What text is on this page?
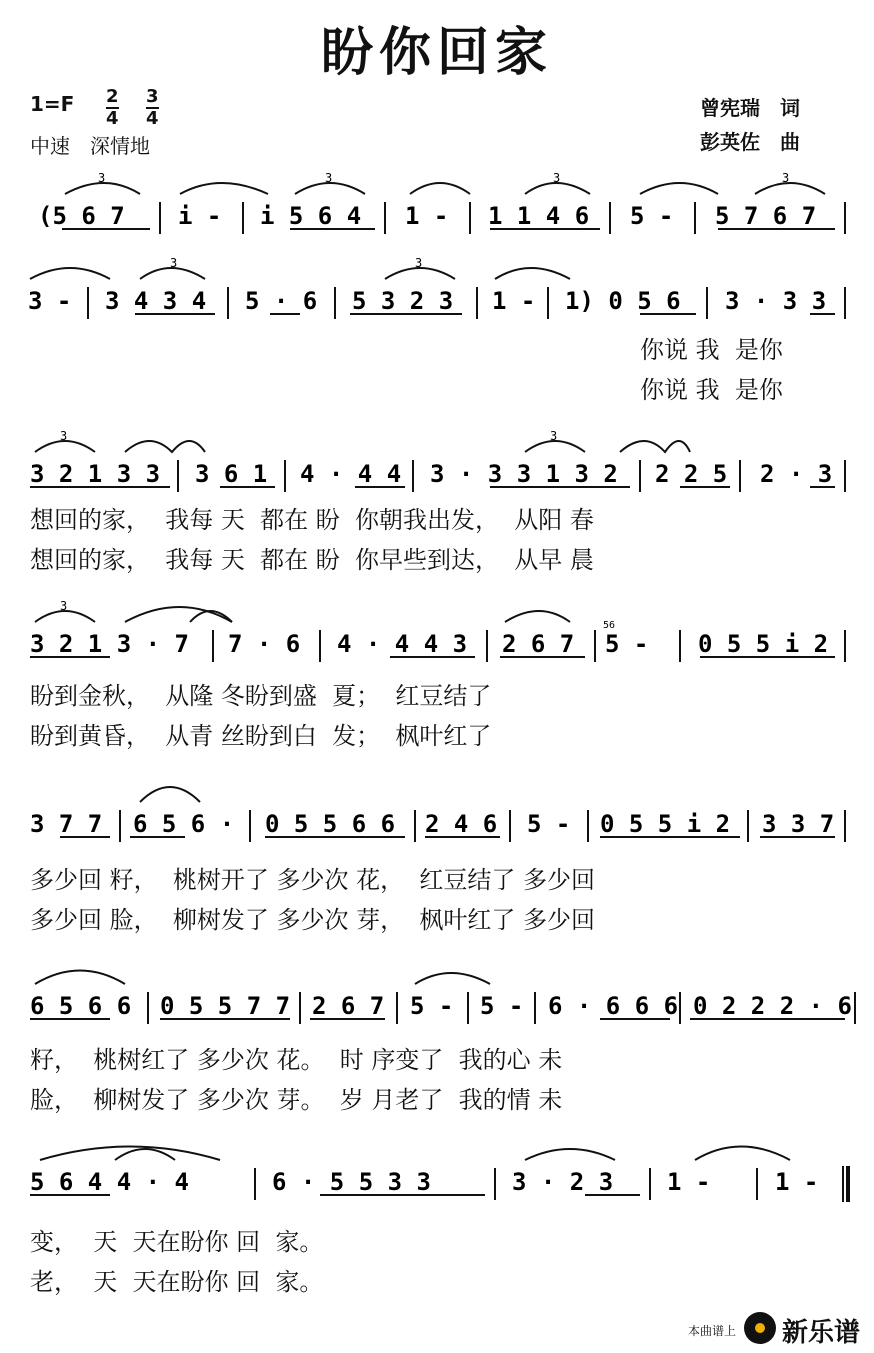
盼你回家
1=F 2
4
3
4
中速　深情地
曾宪瑞　词
彭英佐　曲
(5 6 7 i - i 5 6 4 1 - 1 1 4 6 5 - 5 7 6 7
3	3	3	3
3 - 3 4 3 4 5 · 6 5 3 2 3 1 - 1) 0 5 6 3 · 3 3
3	3
你说 我  是你
你说 我  是你
3 2 1 3 3 3 6 1 4 · 4 4 3 · 3 3 1 3 2 2 2 5 2 · 3
3	3
想回的家，  我每 天  都在 盼  你朝我出发，  从阳 春
想回的家，  我每 天  都在 盼  你早些到达，  从早 晨
3 2 1 3 · 7 7 · 6 4 · 4 4 3 2 6 7 5 - 0 5 5 i 2
3
56
盼到金秋，  从隆 冬盼到盛  夏；  红豆结了
盼到黄昏，  从青 丝盼到白  发；  枫叶红了
3 7 7 6 5 6 · 0 5 5 6 6 2 4 6 5 - 0 5 5 i 2 3 3 7
多少回 籽，  桃树开了 多少次 花，  红豆结了 多少回
多少回 脸，  柳树发了 多少次 芽，  枫叶红了 多少回
6 5 6 6 0 5 5 7 7 2 6 7 5 - 5 - 6 · 6 6 6 0 2 2 2 · 6
籽，  桃树红了 多少次 花。  时 序变了  我的心 未
脸，  柳树发了 多少次 芽。  岁 月老了  我的情 未
5 6 4 4 · 4	6 · 5 5 3 3	3 · 2 3 1 -	1 -
变，  天  天在盼你 回  家。
老，  天  天在盼你 回  家。
本曲谱上 新乐谱
